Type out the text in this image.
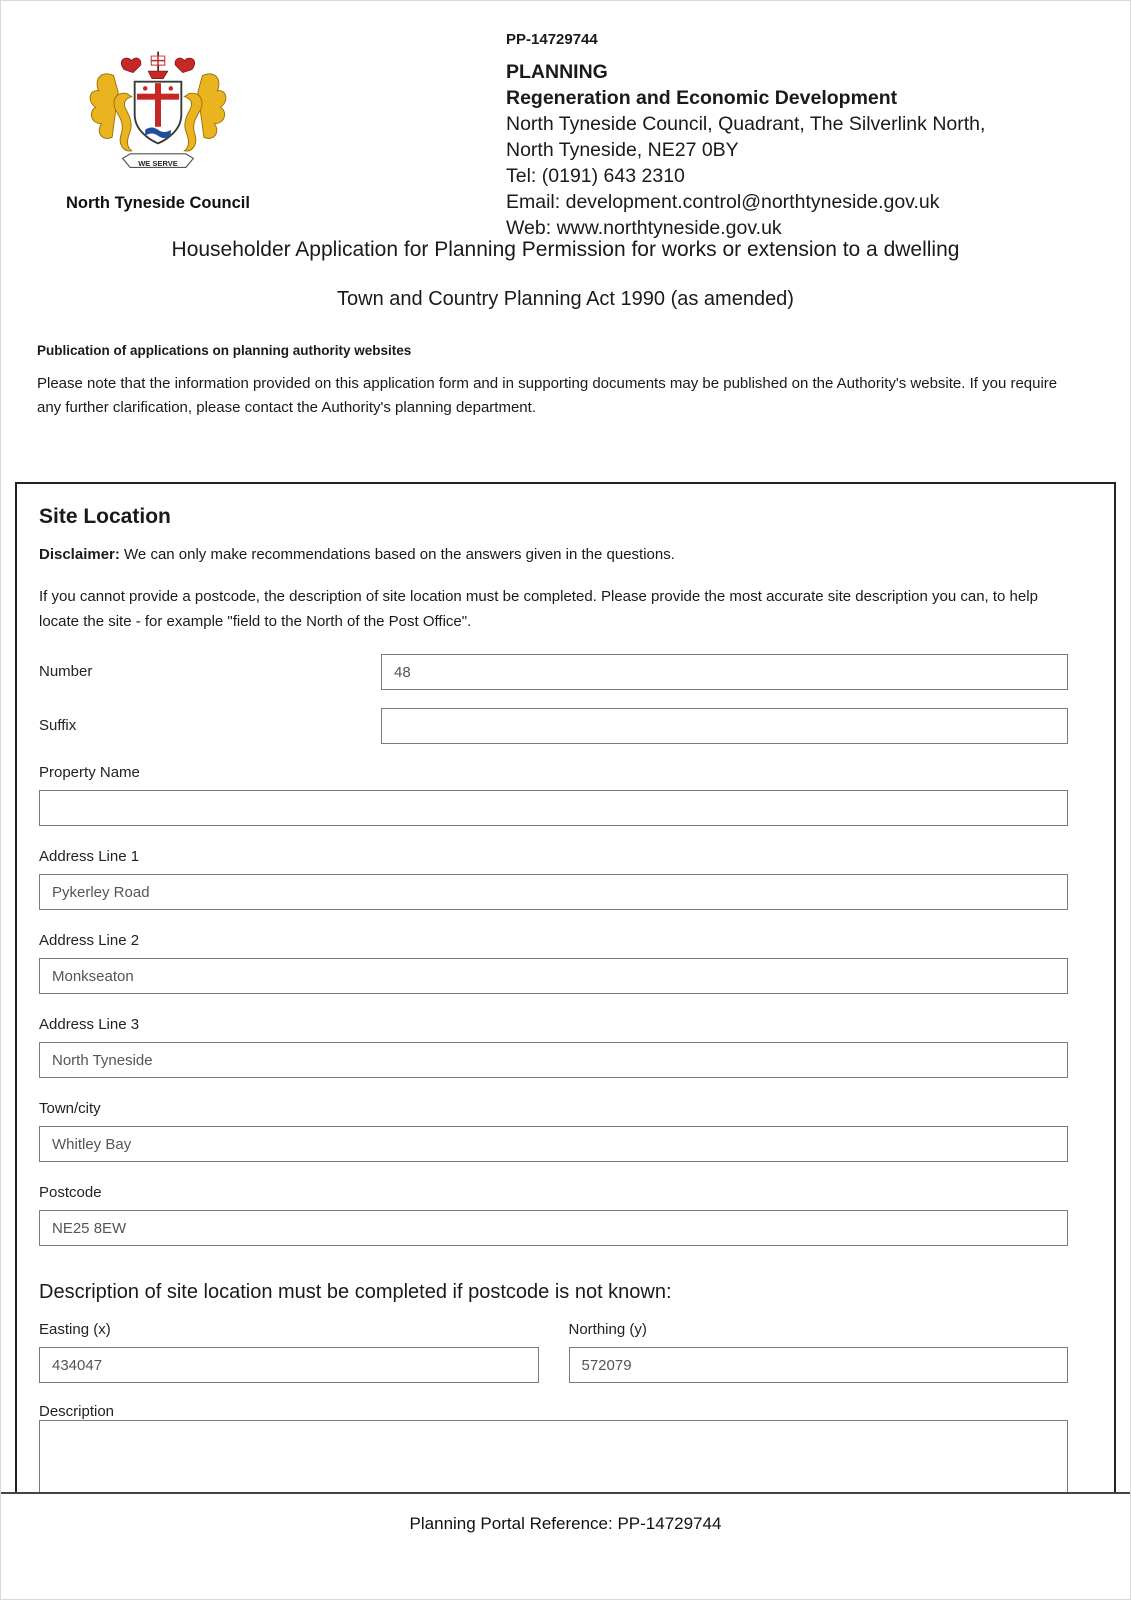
WE SERVE
North Tyneside Council
PP-14729744
PLANNING
Regeneration and Economic Development
North Tyneside Council, Quadrant, The Silverlink North,
North Tyneside, NE27 0BY
Tel: (0191) 643 2310
Email: development.control@northtyneside.gov.uk
Web: www.northtyneside.gov.uk
Householder Application for Planning Permission for works or extension to a dwelling
Town and Country Planning Act 1990 (as amended)
Publication of applications on planning authority websites

Please note that the information provided on this application form and in supporting documents may be published on the Authority's website. If you require any further clarification, please contact the Authority's planning department.

Site Location
Disclaimer: We can only make recommendations based on the answers given in the questions.
If you cannot provide a postcode, the description of site location must be completed. Please provide the most accurate site description you can, to help locate the site - for example "field to the North of the Post Office".
Number
48
Suffix
Property Name
Address Line 1
Pykerley Road
Address Line 2
Monkseaton
Address Line 3
North Tyneside
Town/city
Whitley Bay
Postcode
NE25 8EW
Description of site location must be completed if postcode is not known:
Easting (x)
434047	Northing (y)
572079
Description
Planning Portal Reference: PP-14729744
